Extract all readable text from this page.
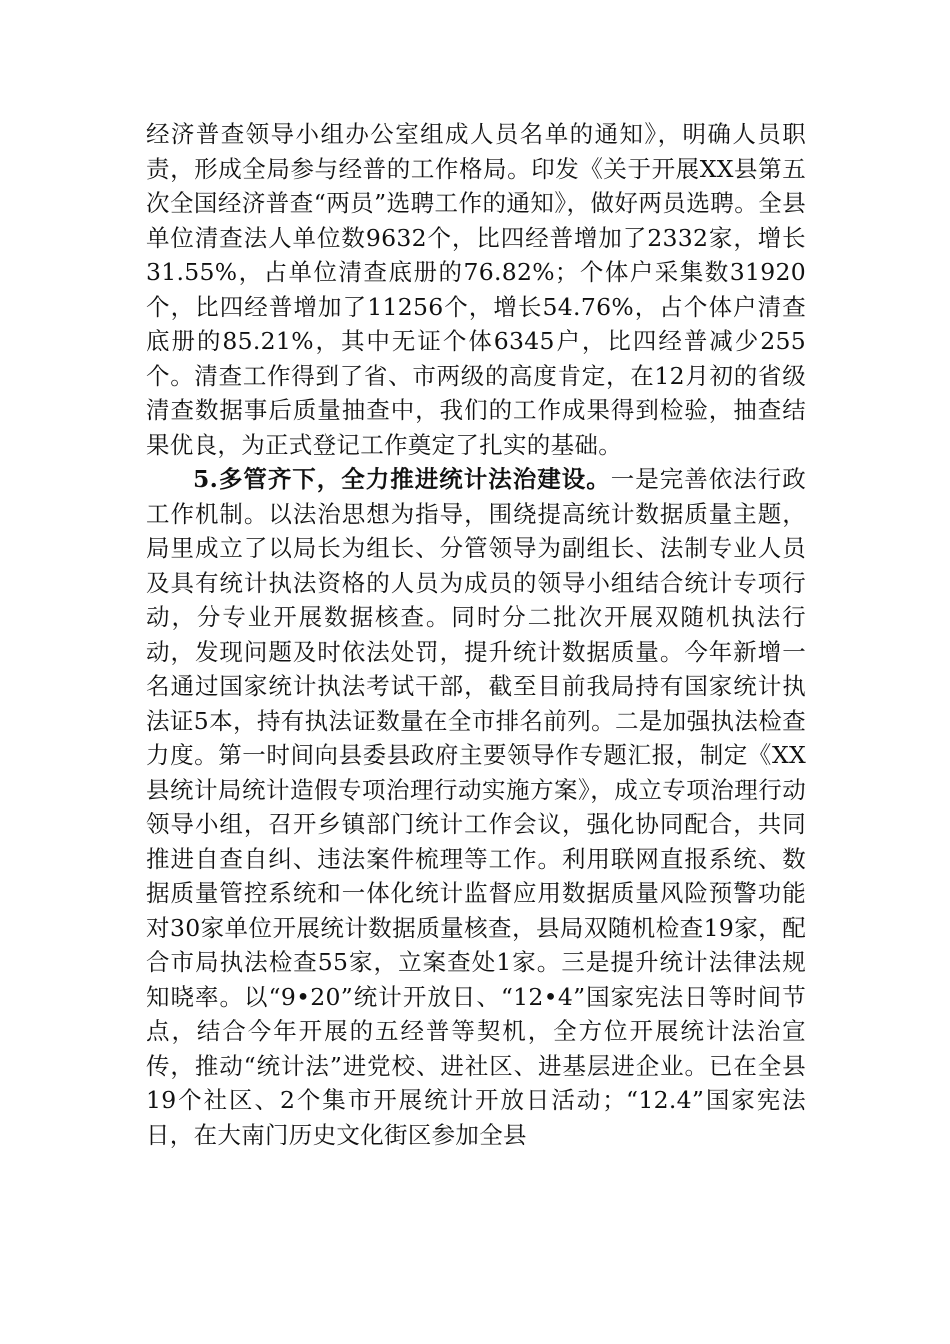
经济普查领导小组办公室组成人员名单的通知》，明确人员职责，形成全局参与经普的工作格局。印发《关于开展XX县第五次全国经济普查“两员”选聘工作的通知》，做好两员选聘。全县单位清查法人单位数9632个，比四经普增加了2332家，增长31.55%，占单位清查底册的76.82%；个体户采集数31920个，比四经普增加了11256个，增长54.76%，占个体户清查底册的85.21%，其中无证个体6345户，比四经普减少255个。清查工作得到了省、市两级的高度肯定，在12月初的省级清查数据事后质量抽查中，我们的工作成果得到检验，抽查结果优良，为正式登记工作奠定了扎实的基础。

5.多管齐下，全力推进统计法治建设。一是完善依法行政工作机制。以法治思想为指导，围绕提高统计数据质量主题，局里成立了以局长为组长、分管领导为副组长、法制专业人员及具有统计执法资格的人员为成员的领导小组结合统计专项行动，分专业开展数据核查。同时分二批次开展双随机执法行动，发现问题及时依法处罚，提升统计数据质量。今年新增一名通过国家统计执法考试干部，截至目前我局持有国家统计执法证5本，持有执法证数量在全市排名前列。二是加强执法检查力度。第一时间向县委县政府主要领导作专题汇报，制定《XX县统计局统计造假专项治理行动实施方案》，成立专项治理行动领导小组，召开乡镇部门统计工作会议，强化协同配合，共同推进自查自纠、违法案件梳理等工作。利用联网直报系统、数据质量管控系统和一体化统计监督应用数据质量风险预警功能对30家单位开展统计数据质量核查，县局双随机检查19家，配合市局执法检查55家，立案查处1家。三是提升统计法律法规知晓率。以“9•20”统计开放日、“12•4”国家宪法日等时间节点，结合今年开展的五经普等契机，全方位开展统计法治宣传，推动“统计法”进党校、进社区、进基层进企业。已在全县19个社区、2个集市开展统计开放日活动；“12.4”国家宪法日，在大南门历史文化街区参加全县
